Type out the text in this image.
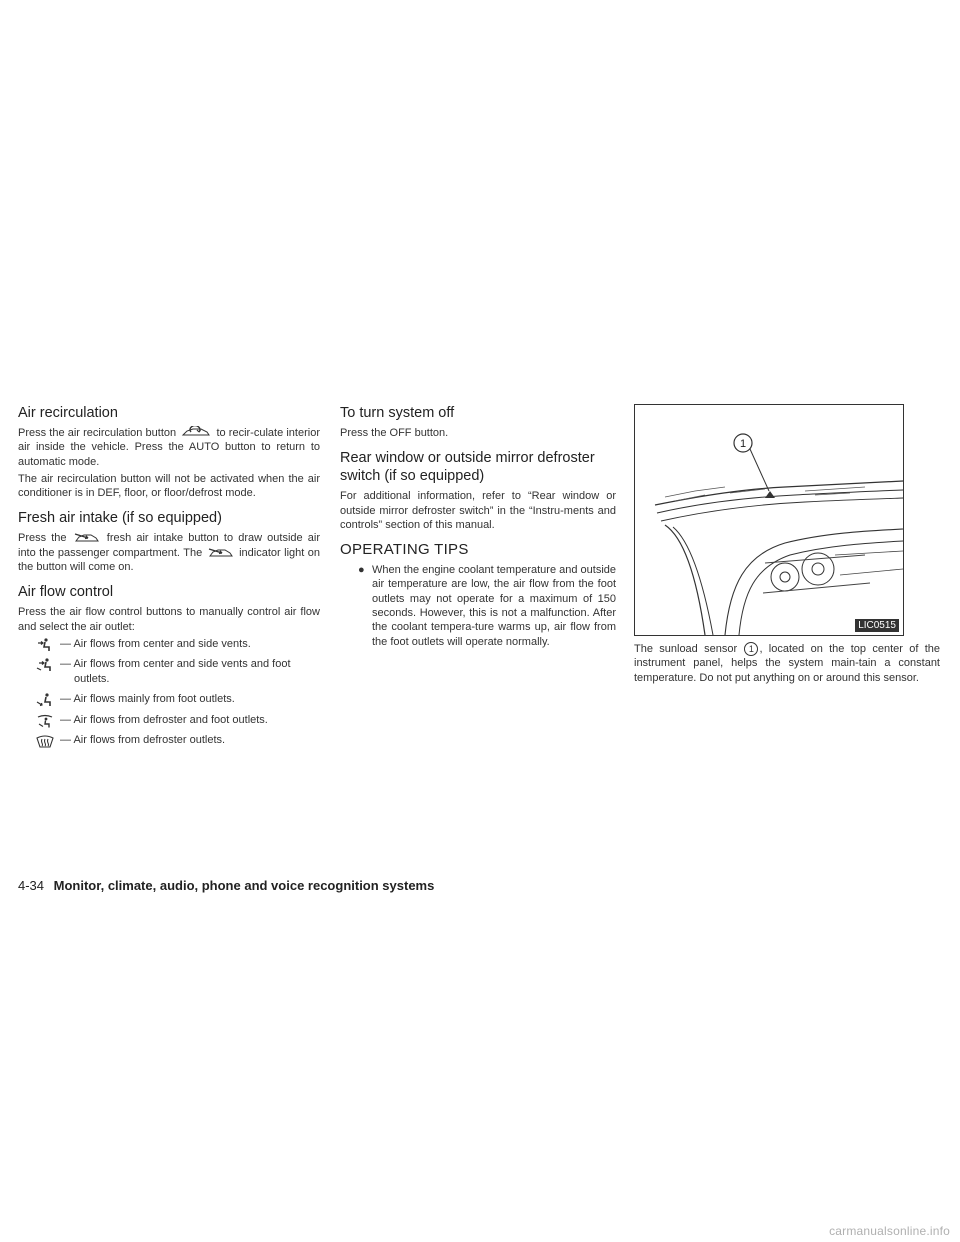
Air recirculation

Press the air recirculation button	to recir-culate interior air inside the vehicle. Press the AUTO button to return to automatic mode.

The air recirculation button will not be activated when the air conditioner is in DEF, floor, or floor/defrost mode.

Fresh air intake (if so equipped)

Press the	fresh air intake button to draw outside air into the passenger compartment. The	indicator light on the button will come on.

Air flow control

Press the air flow control buttons to manually control air flow and select the air outlet:

— Air flows from center and side vents.
— Air flows from center and side vents and foot outlets.
— Air flows mainly from foot outlets.
— Air flows from defroster and foot outlets.
— Air flows from defroster outlets.
To turn system off

Press the OFF button.

Rear window or outside mirror defroster switch (if so equipped)

For additional information, refer to “Rear window or outside mirror defroster switch” in the “Instru-ments and controls” section of this manual.

OPERATING TIPS
● When the engine coolant temperature and outside air temperature are low, the air flow from the foot outlets may not operate for a maximum of 150 seconds. However, this is not a malfunction. After the coolant tempera-ture warms up, air flow from the foot outlets will operate normally.
1
LIC0515

The sunload sensor 1 , located on the top center of the instrument panel, helps the system main-tain a constant temperature. Do not put anything on or around this sensor.

4-34 Monitor, climate, audio, phone and voice recognition systems
carmanualsonline.info
